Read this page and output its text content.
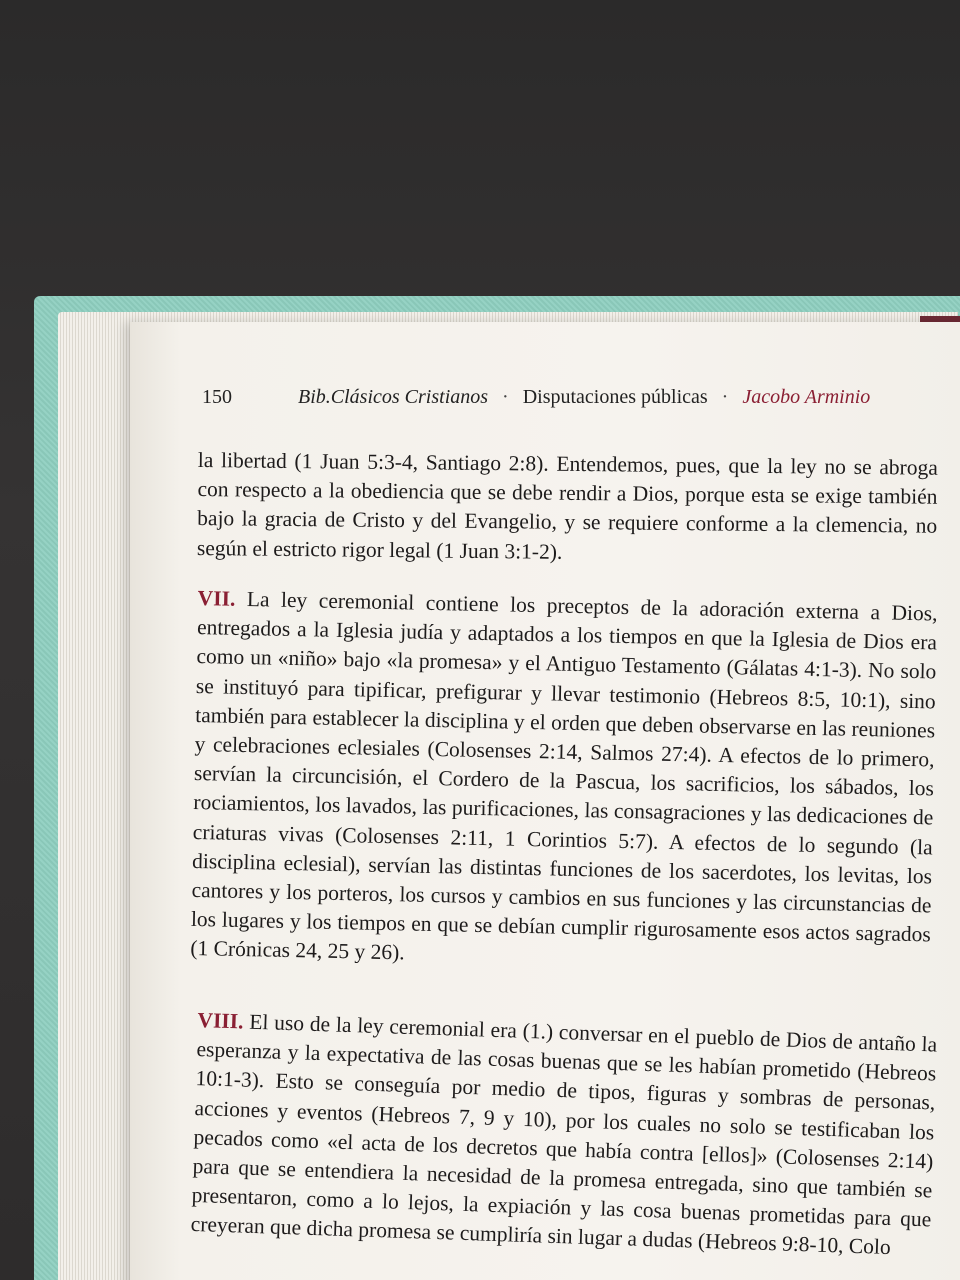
150	Bib.Clásicos Cristianos · Disputaciones públicas · Jacobo Arminio

la libertad (1 Juan 5:3-4, Santiago 2:8). Entendemos, pues, que la ley no se abroga con respecto a la obediencia que se debe rendir a Dios, porque esta se exige también bajo la gracia de Cristo y del Evangelio, y se requiere conforme a la clemencia, no según el estricto rigor legal (1 Juan 3:1-2).

VII. La ley ceremonial contiene los preceptos de la adoración externa a Dios, entregados a la Iglesia judía y adaptados a los tiempos en que la Iglesia de Dios era como un «niño» bajo «la promesa» y el Antiguo Testamento (Gálatas 4:1-3). No solo se instituyó para tipificar, prefigurar y llevar testimonio (Hebreos 8:5, 10:1), sino también para establecer la disciplina y el orden que deben observarse en las reuniones y celebraciones eclesiales (Colosenses 2:14, Salmos 27:4). A efectos de lo primero, servían la circuncisión, el Cordero de la Pascua, los sacrificios, los sábados, los rociamientos, los lavados, las purificaciones, las consagraciones y las dedicaciones de criaturas vivas (Colosenses 2:11, 1 Corintios 5:7). A efectos de lo segundo (la disciplina eclesial), servían las distintas funciones de los sacerdotes, los levitas, los cantores y los porteros, los cursos y cambios en sus funciones y las circunstancias de los lugares y los tiempos en que se debían cumplir rigurosamente esos actos sagrados (1 Crónicas 24, 25 y 26).

VIII. El uso de la ley ceremonial era (1.) conversar en el pueblo de Dios de antaño la esperanza y la expectativa de las cosas buenas que se les habían prometido (Hebreos 10:1-3). Esto se conseguía por medio de tipos, figuras y sombras de personas, acciones y eventos (Hebreos 7, 9 y 10), por los cuales no solo se testificaban los pecados como «el acta de los decretos que había contra [ellos]» (Colosenses 2:14) para que se entendiera la necesidad de la promesa entregada, sino que también se presentaron, como a lo lejos, la expiación y las cosa buenas prometidas para que creyeran que dicha promesa se cumpliría sin lugar a dudas (Hebreos 9:8-10, Colo
